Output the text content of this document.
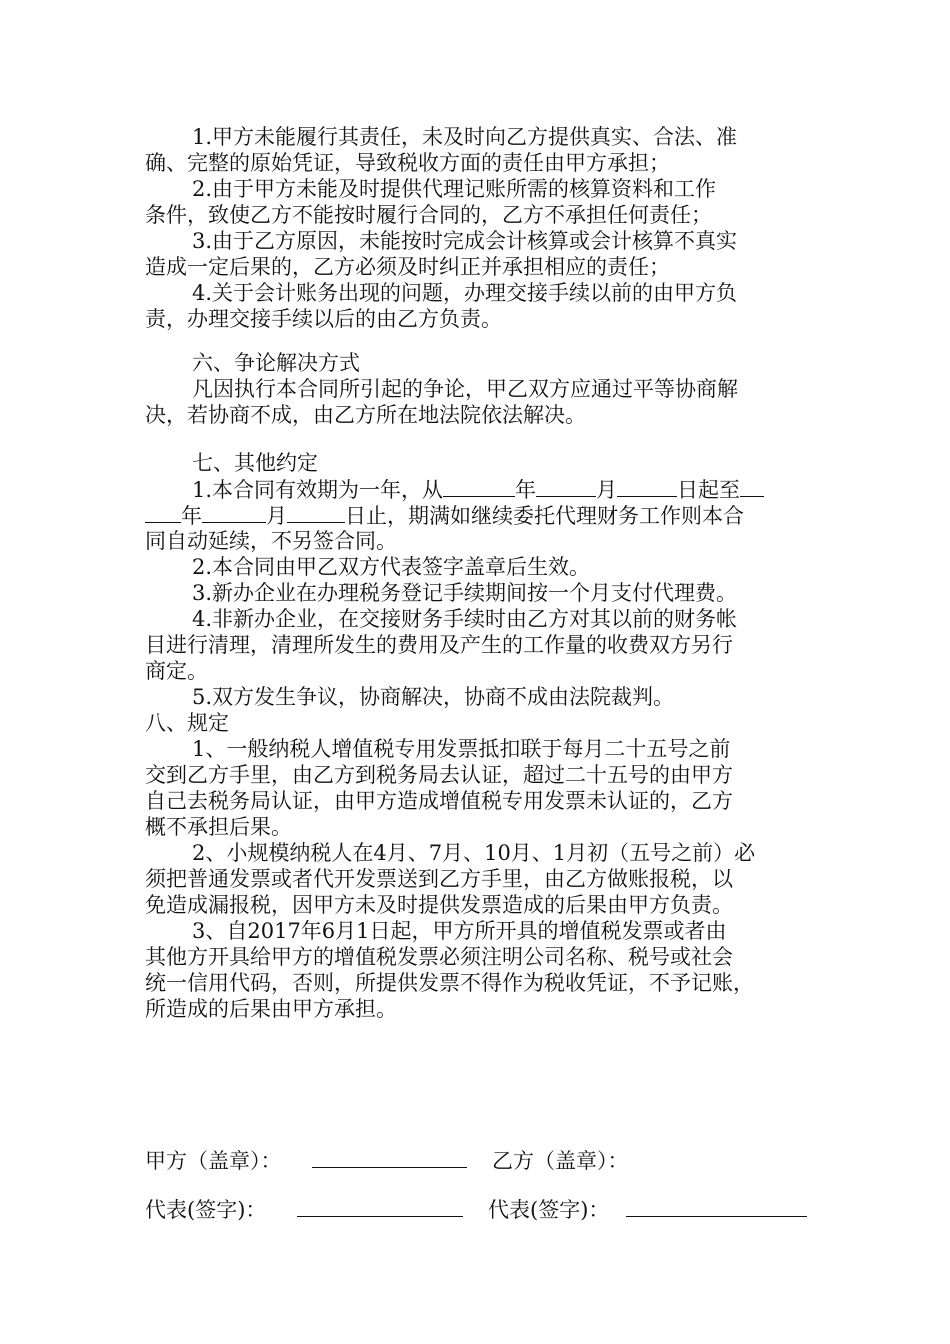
1.甲方未能履行其责任，未及时向乙方提供真实、合法、准
确、完整的原始凭证，导致税收方面的责任由甲方承担；
2.由于甲方未能及时提供代理记账所需的核算资料和工作
条件，致使乙方不能按时履行合同的，乙方不承担任何责任；
3.由于乙方原因，未能按时完成会计核算或会计核算不真实
造成一定后果的，乙方必须及时纠正并承担相应的责任；
4.关于会计账务出现的问题，办理交接手续以前的由甲方负
责，办理交接手续以后的由乙方负责。
六、争论解决方式
凡因执行本合同所引起的争论，甲乙双方应通过平等协商解
决，若协商不成，由乙方所在地法院依法解决。
七、其他约定
1.本合同有效期为一年，从	年	月	日起至
年	月	日止，期满如继续委托代理财务工作则本合
同自动延续，不另签合同。
2.本合同由甲乙双方代表签字盖章后生效。
3.新办企业在办理税务登记手续期间按一个月支付代理费。
4.非新办企业，在交接财务手续时由乙方对其以前的财务帐
目进行清理，清理所发生的费用及产生的工作量的收费双方另行
商定。
5.双方发生争议，协商解决，协商不成由法院裁判。
八、规定
1、一般纳税人增值税专用发票抵扣联于每月二十五号之前
交到乙方手里，由乙方到税务局去认证，超过二十五号的由甲方
自己去税务局认证，由甲方造成增值税专用发票未认证的，乙方
概不承担后果。
2、小规模纳税人在4月、7月、10月、1月初（五号之前）必
须把普通发票或者代开发票送到乙方手里，由乙方做账报税，以
免造成漏报税，因甲方未及时提供发票造成的后果由甲方负责。
3、自2017年6月1日起，甲方所开具的增值税发票或者由
其他方开具给甲方的增值税发票必须注明公司名称、税号或社会
统一信用代码，否则，所提供发票不得作为税收凭证，不予记账，
所造成的后果由甲方承担。
甲方（盖章）：	乙方（盖章）：
代表(签字)：	代表(签字)：
